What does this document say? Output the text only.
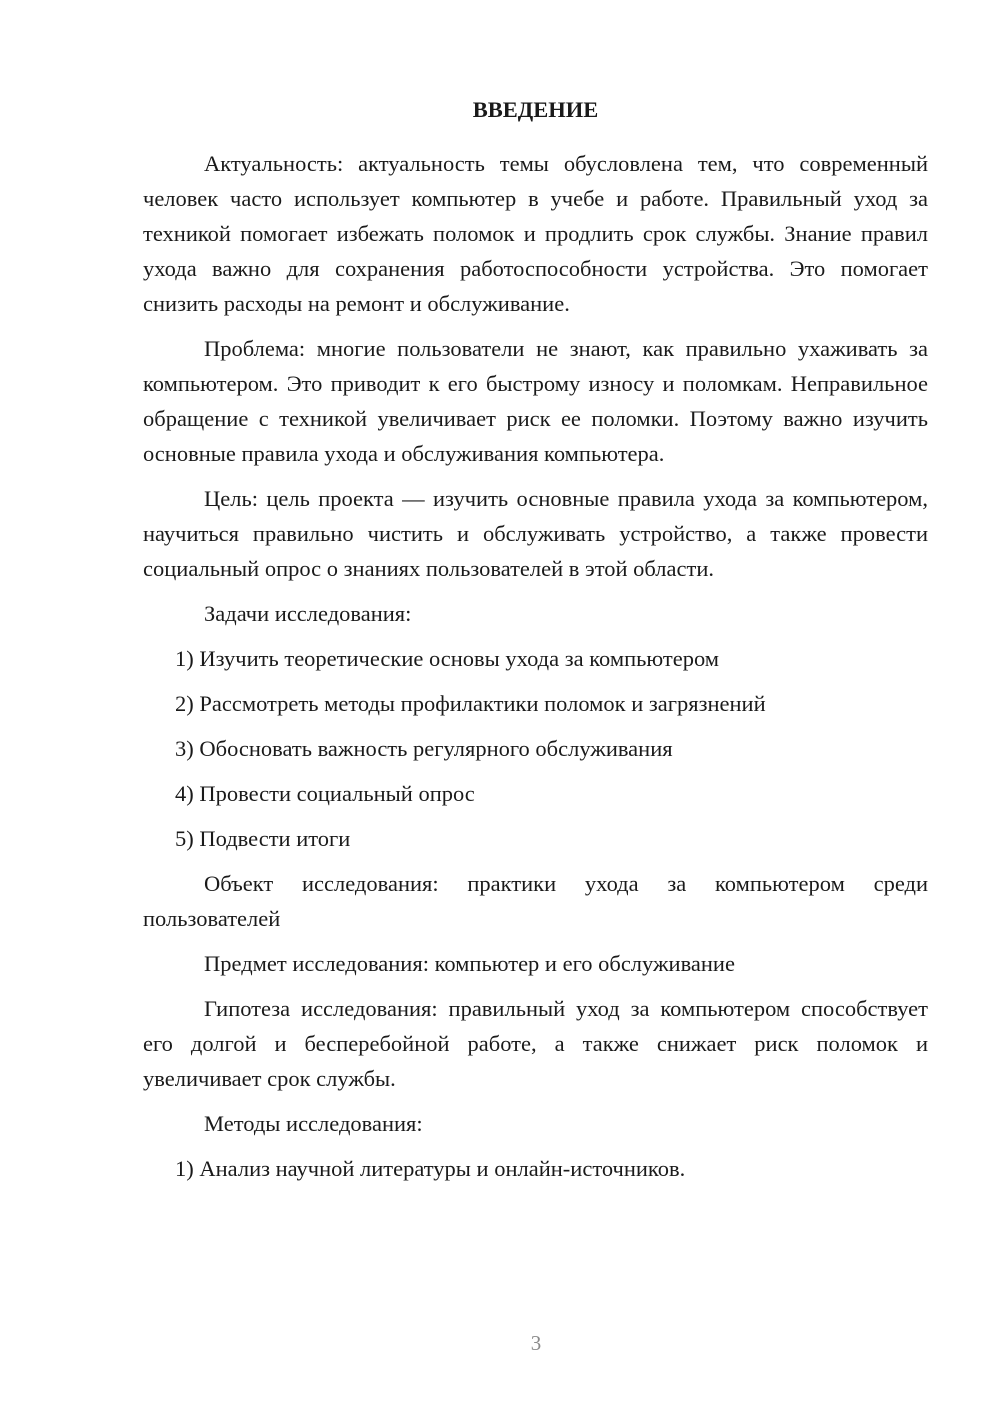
ВВЕДЕНИЕ

Актуальность: актуальность темы обусловлена тем, что современный человек часто использует компьютер в учебе и работе. Правильный уход за техникой помогает избежать поломок и продлить срок службы. Знание правил ухода важно для сохранения работоспособности устройства. Это помогает снизить расходы на ремонт и обслуживание.

Проблема: многие пользователи не знают, как правильно ухаживать за компьютером. Это приводит к его быстрому износу и поломкам. Неправильное обращение с техникой увеличивает риск ее поломки. Поэтому важно изучить основные правила ухода и обслуживания компьютера.

Цель: цель проекта — изучить основные правила ухода за компьютером, научиться правильно чистить и обслуживать устройство, а также провести социальный опрос о знаниях пользователей в этой области.

Задачи исследования:

1) Изучить теоретические основы ухода за компьютером
2) Рассмотреть методы профилактики поломок и загрязнений
3) Обосновать важность регулярного обслуживания
4) Провести социальный опрос
5) Подвести итоги

Объект исследования: практики ухода за компьютером среди пользователей

Предмет исследования: компьютер и его обслуживание

Гипотеза исследования: правильный уход за компьютером способствует его долгой и бесперебойной работе, а также снижает риск поломок и увеличивает срок службы.

Методы исследования:

1) Анализ научной литературы и онлайн-источников.
3
